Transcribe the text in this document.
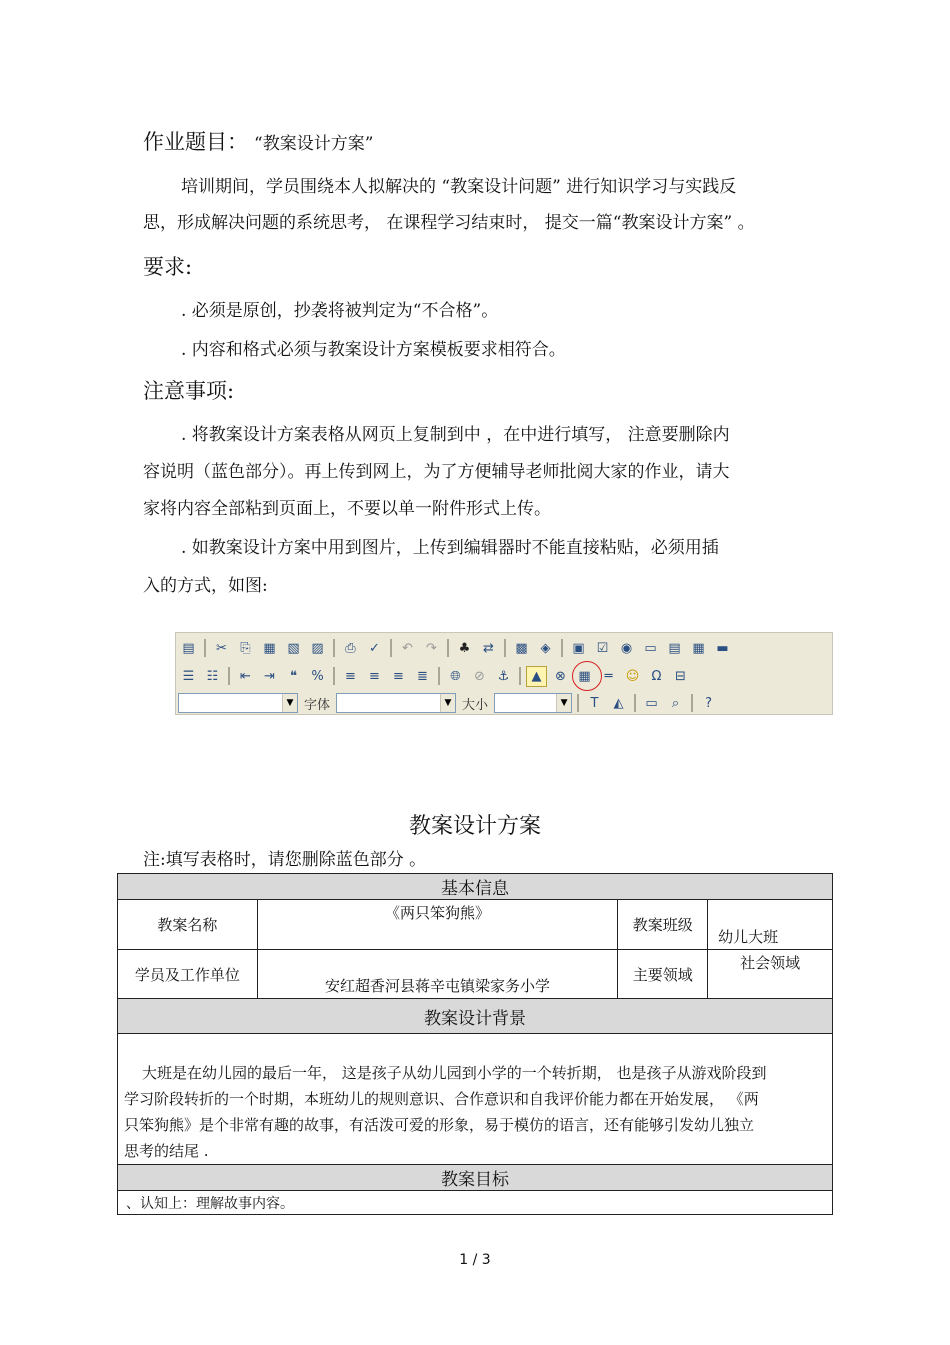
作业题目： “教案设计方案”
培训期间，学员围绕本人拟解决的 “教案设计问题” 进行知识学习与实践反
思，形成解决问题的系统思考， 在课程学习结束时， 提交一篇“教案设计方案” 。
要求:
. 必须是原创，抄袭将被判定为“不合格”。
. 内容和格式必须与教案设计方案模板要求相符合。
注意事项:
. 将教案设计方案表格从网页上复制到中 ，在中进行填写， 注意要删除内
容说明（蓝色部分）。再上传到网上，为了方便辅导老师批阅大家的作业，请大
家将内容全部粘到页面上，不要以单一附件形式上传。
. 如教案设计方案中用到图片，上传到编辑器时不能直接粘贴，必须用插
入的方式，如图:
▤	✂	⎘ ▦ ▧ ▨	⎙	✓	↶	↷	♣ ⇄	▩ ◈	▣ ☑ ◉ ▭ ▤ ▦ ▬
☰ ☷	⇤	⇥	❝	%	≡	≡	≡	≣	🌐︎	⊘ ⚓︎	▲	⊗ ▦	═	☺ Ω	⊟
▼ 字体	▼ 大小	▼	T	◭	▭	⌕	?
教案设计方案
注:填写表格时，请您删除蓝色部分 。
基本信息			
教案名称	《两只笨狗熊》	教案班级	幼儿大班
学员及工作单位	安红超香河县蒋辛屯镇梁家务小学	主要领域	社会领域
教案设计背景			

大班是在幼儿园的最后一年， 这是孩子从幼儿园到小学的一个转折期， 也是孩子从游戏阶段到
学习阶段转折的一个时期，本班幼儿的规则意识、合作意识和自我评价能力都在开始发展， 《两
只笨狗熊》是个非常有趣的故事，有活泼可爱的形象，易于模仿的语言，还有能够引发幼儿独立
思考的结尾 .			

教案目标			
、认知上：理解故事内容。			
1 / 3
